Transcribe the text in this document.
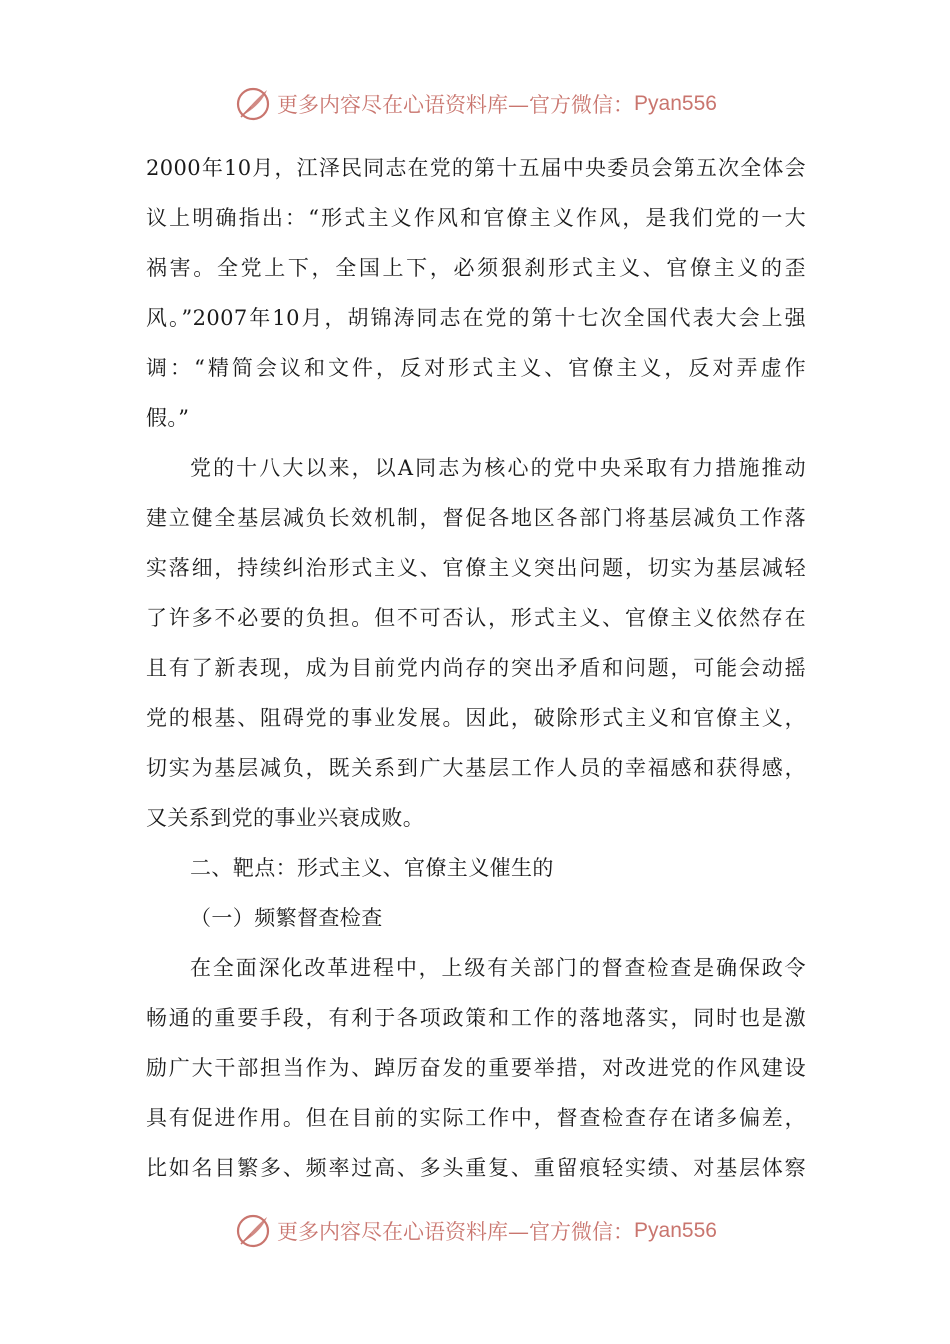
更多内容尽在心语资料库—官方微信： Pyan556
2000年10月，江泽民同志在党的第十五届中央委员会第五次全体会
议上明确指出：“形式主义作风和官僚主义作风，是我们党的一大
祸害。全党上下，全国上下，必须狠刹形式主义、官僚主义的歪
风。”2007年10月，胡锦涛同志在党的第十七次全国代表大会上强
调：“精简会议和文件，反对形式主义、官僚主义，反对弄虚作
假。”
党的十八大以来，以A同志为核心的党中央采取有力措施推动
建立健全基层减负长效机制，督促各地区各部门将基层减负工作落
实落细，持续纠治形式主义、官僚主义突出问题，切实为基层减轻
了许多不必要的负担。但不可否认，形式主义、官僚主义依然存在
且有了新表现，成为目前党内尚存的突出矛盾和问题，可能会动摇
党的根基、阻碍党的事业发展。因此，破除形式主义和官僚主义，
切实为基层减负，既关系到广大基层工作人员的幸福感和获得感，
又关系到党的事业兴衰成败。
二、靶点：形式主义、官僚主义催生的
（一）频繁督查检查
在全面深化改革进程中，上级有关部门的督查检查是确保政令
畅通的重要手段，有利于各项政策和工作的落地落实，同时也是激
励广大干部担当作为、踔厉奋发的重要举措，对改进党的作风建设
具有促进作用。但在目前的实际工作中，督查检查存在诸多偏差，
比如名目繁多、频率过高、多头重复、重留痕轻实绩、对基层体察
更多内容尽在心语资料库—官方微信： Pyan556
